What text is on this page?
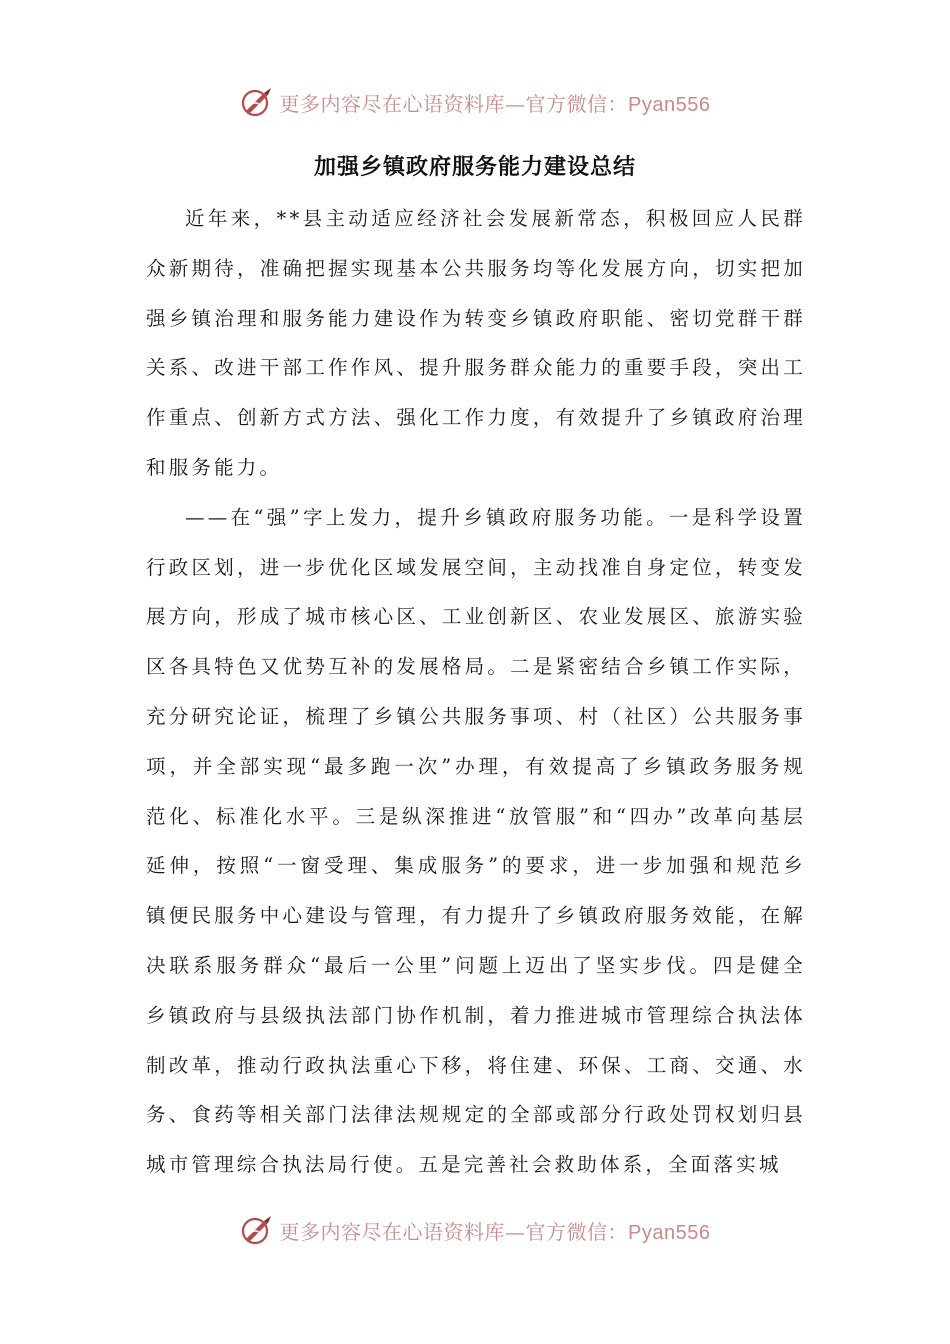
更多内容尽在心语资料库—官方微信：Pyan556
加强乡镇政府服务能力建设总结

近年来，**县主动适应经济社会发展新常态，积极回应人民群众新期待，准确把握实现基本公共服务均等化发展方向，切实把加强乡镇治理和服务能力建设作为转变乡镇政府职能、密切党群干群关系、改进干部工作作风、提升服务群众能力的重要手段，突出工作重点、创新方式方法、强化工作力度，有效提升了乡镇政府治理和服务能力。

——在“强”字上发力，提升乡镇政府服务功能。一是科学设置行政区划，进一步优化区域发展空间，主动找准自身定位，转变发展方向，形成了城市核心区、工业创新区、农业发展区、旅游实验区各具特色又优势互补的发展格局。二是紧密结合乡镇工作实际，充分研究论证，梳理了乡镇公共服务事项、村（社区）公共服务事项，并全部实现“最多跑一次”办理，有效提高了乡镇政务服务规范化、标准化水平。三是纵深推进“放管服”和“四办”改革向基层延伸，按照“一窗受理、集成服务”的要求，进一步加强和规范乡镇便民服务中心建设与管理，有力提升了乡镇政府服务效能，在解决联系服务群众“最后一公里”问题上迈出了坚实步伐。四是健全乡镇政府与县级执法部门协作机制，着力推进城市管理综合执法体制改革，推动行政执法重心下移，将住建、环保、工商、交通、水务、食药等相关部门法律法规规定的全部或部分行政处罚权划归县城市管理综合执法局行使。五是完善社会救助体系，全面落实城

更多内容尽在心语资料库—官方微信：Pyan556
